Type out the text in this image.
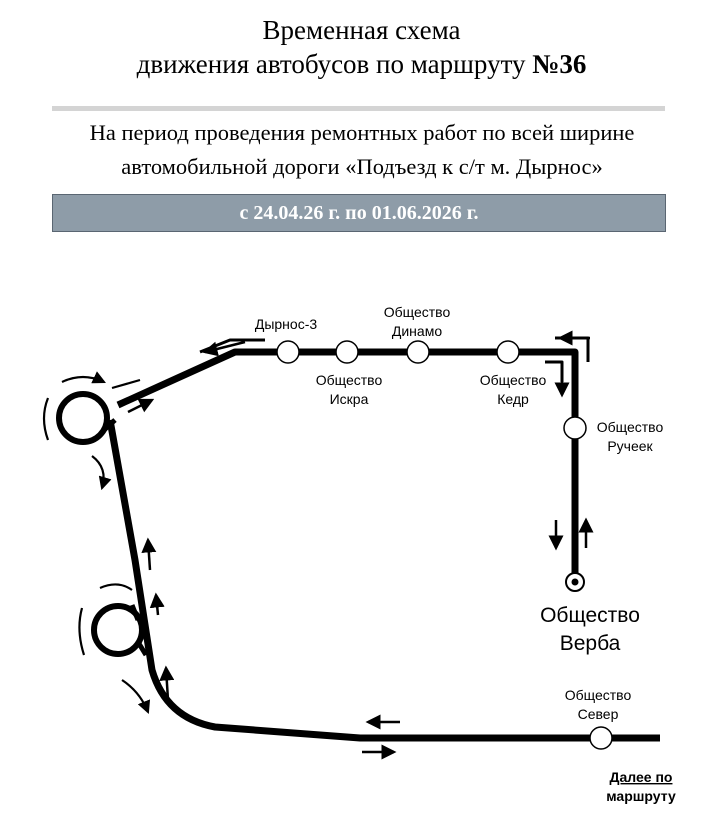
Временная схема
движения автобусов по маршруту №36
На период проведения ремонтных работ по всей ширине
автомобильной дороги «Подъезд к с/т м. Дырнос»
с 24.04.26 г. по 01.06.2026 г.
Дырнос-3
Общество
Искра
Общество
Динамо
Общество
Кедр
Общество
Ручеек
Общество
Север
Общество
Верба
Далее по
маршруту
